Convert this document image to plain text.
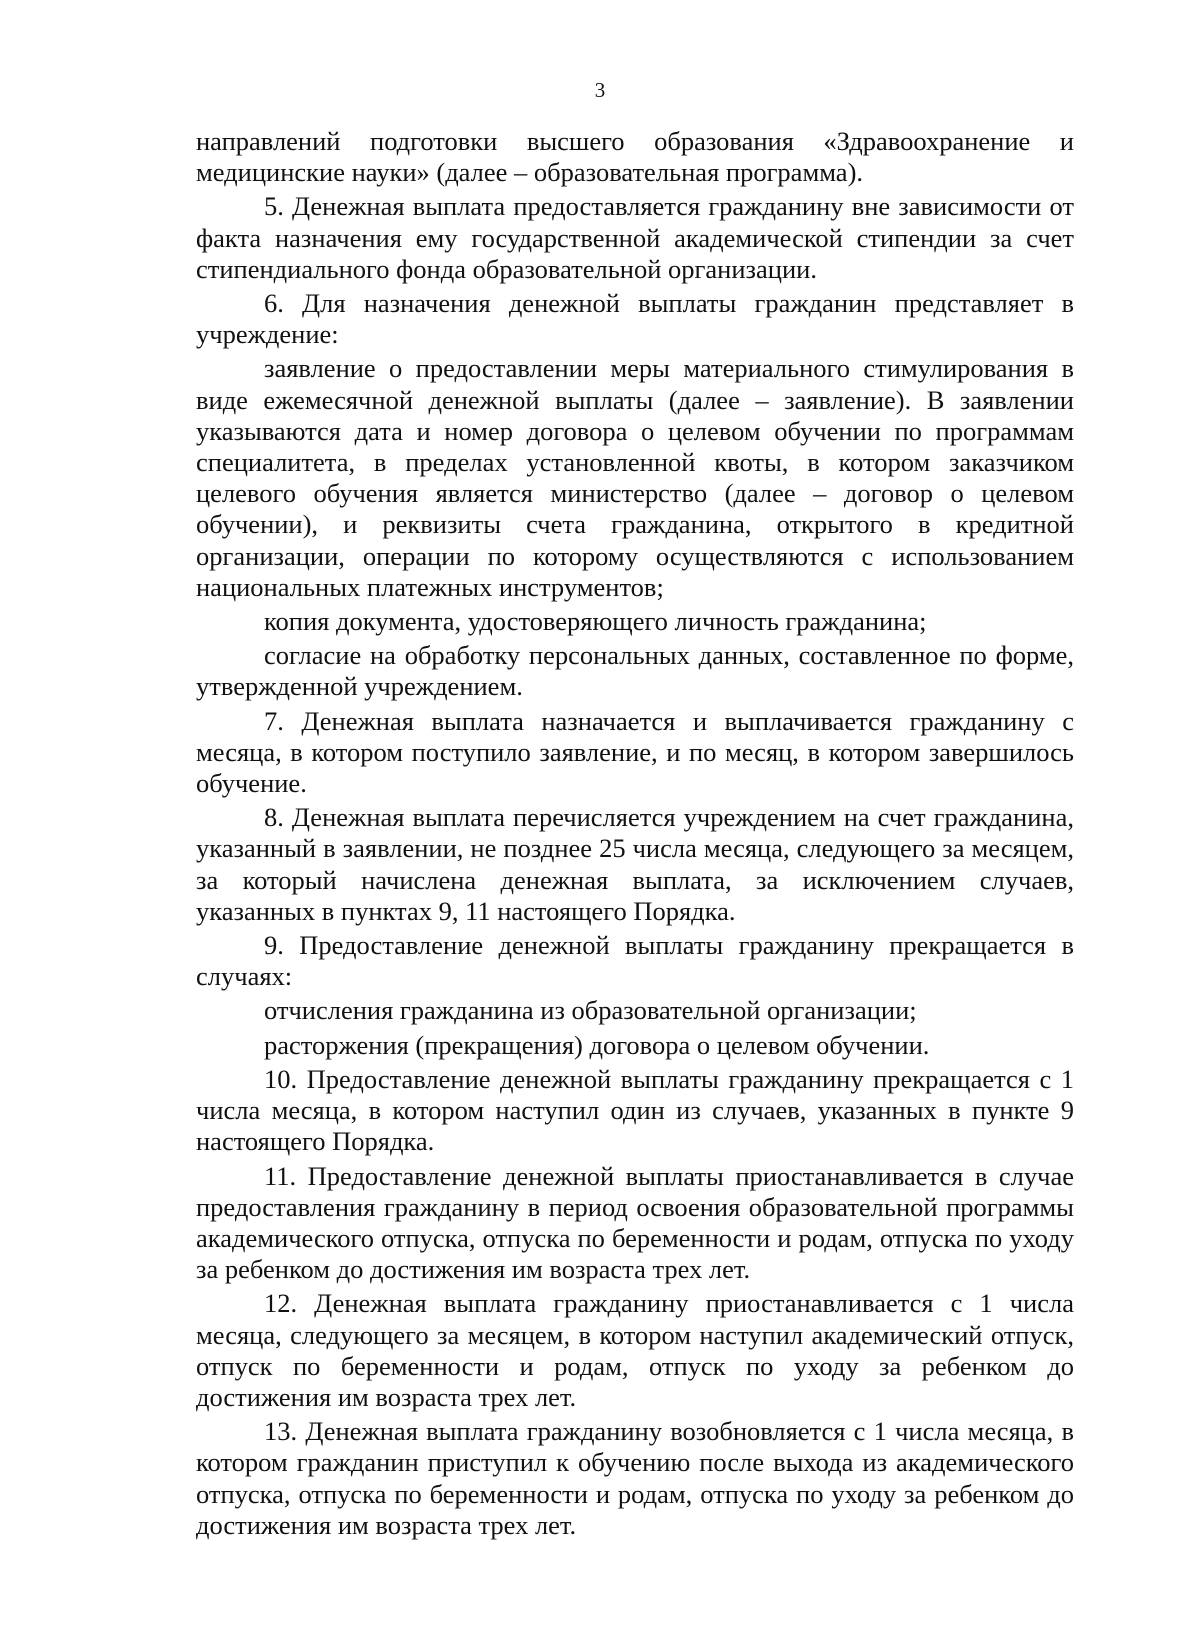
3

направлений подготовки высшего образования «Здравоохранение и медицинские науки» (далее – образовательная программа).

5. Денежная выплата предоставляется гражданину вне зависимости от факта назначения ему государственной академической стипендии за счет стипендиального фонда образовательной организации.

6. Для назначения денежной выплаты гражданин представляет в учреждение:

заявление о предоставлении меры материального стимулирования в виде ежемесячной денежной выплаты (далее – заявление). В заявлении указываются дата и номер договора о целевом обучении по программам специалитета, в пределах установленной квоты, в котором заказчиком целевого обучения является министерство (далее – договор о целевом обучении), и реквизиты счета гражданина, открытого в кредитной организации, операции по которому осуществляются с использованием национальных платежных инструментов;

копия документа, удостоверяющего личность гражданина;

согласие на обработку персональных данных, составленное по форме, утвержденной учреждением.

7. Денежная выплата назначается и выплачивается гражданину с месяца, в котором поступило заявление, и по месяц, в котором завершилось обучение.

8. Денежная выплата перечисляется учреждением на счет гражданина, указанный в заявлении, не позднее 25 числа месяца, следующего за месяцем, за который начислена денежная выплата, за исключением случаев, указанных в пунктах 9, 11 настоящего Порядка.

9. Предоставление денежной выплаты гражданину прекращается в случаях:

отчисления гражданина из образовательной организации;

расторжения (прекращения) договора о целевом обучении.

10. Предоставление денежной выплаты гражданину прекращается с 1 числа месяца, в котором наступил один из случаев, указанных в пункте 9 настоящего Порядка.

11. Предоставление денежной выплаты приостанавливается в случае предоставления гражданину в период освоения образовательной программы академического отпуска, отпуска по беременности и родам, отпуска по уходу за ребенком до достижения им возраста трех лет.

12. Денежная выплата гражданину приостанавливается с 1 числа месяца, следующего за месяцем, в котором наступил академический отпуск, отпуск по беременности и родам, отпуск по уходу за ребенком до достижения им возраста трех лет.

13. Денежная выплата гражданину возобновляется с 1 числа месяца, в котором гражданин приступил к обучению после выхода из академического отпуска, отпуска по беременности и родам, отпуска по уходу за ребенком до достижения им возраста трех лет.
